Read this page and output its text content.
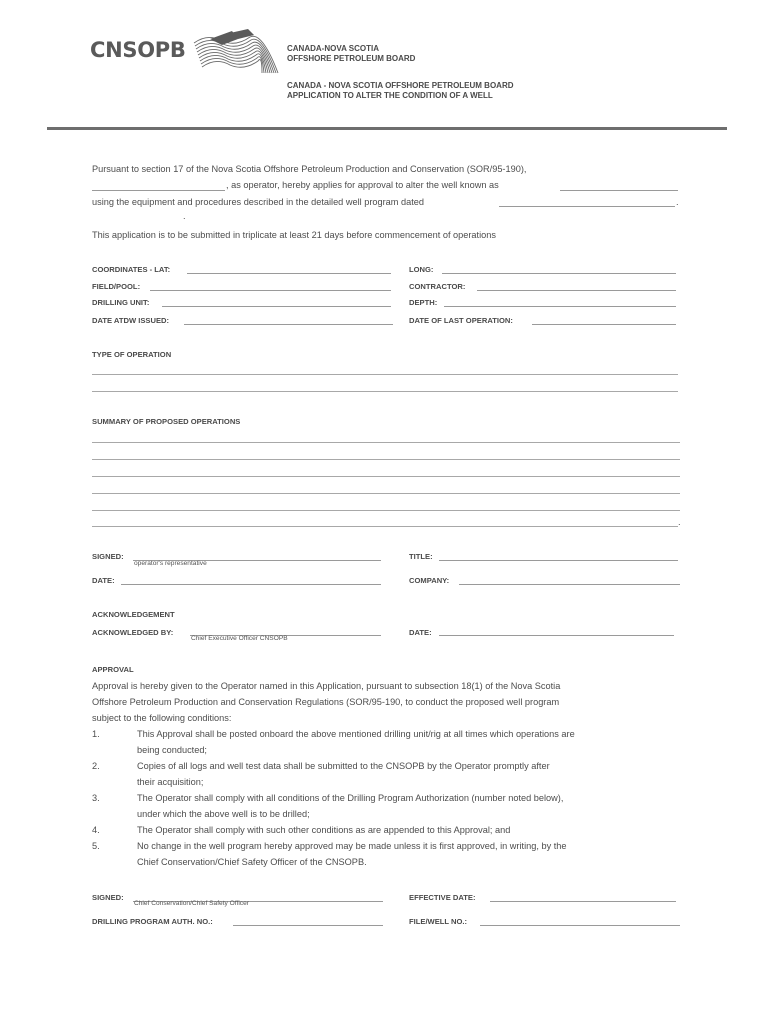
CNSOPB	CANADA-NOVA SCOTIA
OFFSHORE PETROLEUM BOARD
CANADA - NOVA SCOTIA OFFSHORE PETROLEUM BOARD
APPLICATION TO ALTER THE CONDITION OF A WELL
Pursuant to section 17 of the Nova Scotia Offshore Petroleum Production and Conservation (SOR/95-190),
, as operator, hereby applies for approval to alter the well known as
using the equipment and procedures described in the detailed well program dated	.
.
This application is to be submitted in triplicate at least 21 days before commencement of operations
COORDINATES - LAT:	LONG:
FIELD/POOL:	CONTRACTOR:
DRILLING UNIT:	DEPTH:
DATE ATDW ISSUED:	DATE OF LAST OPERATION:
TYPE OF OPERATION
SUMMARY OF PROPOSED OPERATIONS
.
SIGNED:
operator's representative
TITLE:
DATE:	COMPANY:
ACKNOWLEDGEMENT
ACKNOWLEDGED BY:
Chief Executive Officer CNSOPB
DATE:
APPROVAL
Approval is hereby given to the Operator named in this Application, pursuant to subsection 18(1) of the Nova Scotia
Offshore Petroleum Production and Conservation Regulations (SOR/95-190, to conduct the proposed well program
subject to the following conditions:
1.	This Approval shall be posted onboard the above mentioned drilling unit/rig at all times which operations are
being conducted;
2.	Copies of all logs and well test data shall be submitted to the CNSOPB by the Operator promptly after
their acquisition;
3.	The Operator shall comply with all conditions of the Drilling Program Authorization (number noted below),
under which the above well is to be drilled;
4.	The Operator shall comply with such other conditions as are appended to this Approval; and
5.	No change in the well program hereby approved may be made unless it is first approved, in writing, by the
Chief Conservation/Chief Safety Officer of the CNSOPB.
SIGNED:
Chief Conservation/Chief Safety Officer
EFFECTIVE DATE:
DRILLING PROGRAM AUTH. NO.:	FILE/WELL NO.:
